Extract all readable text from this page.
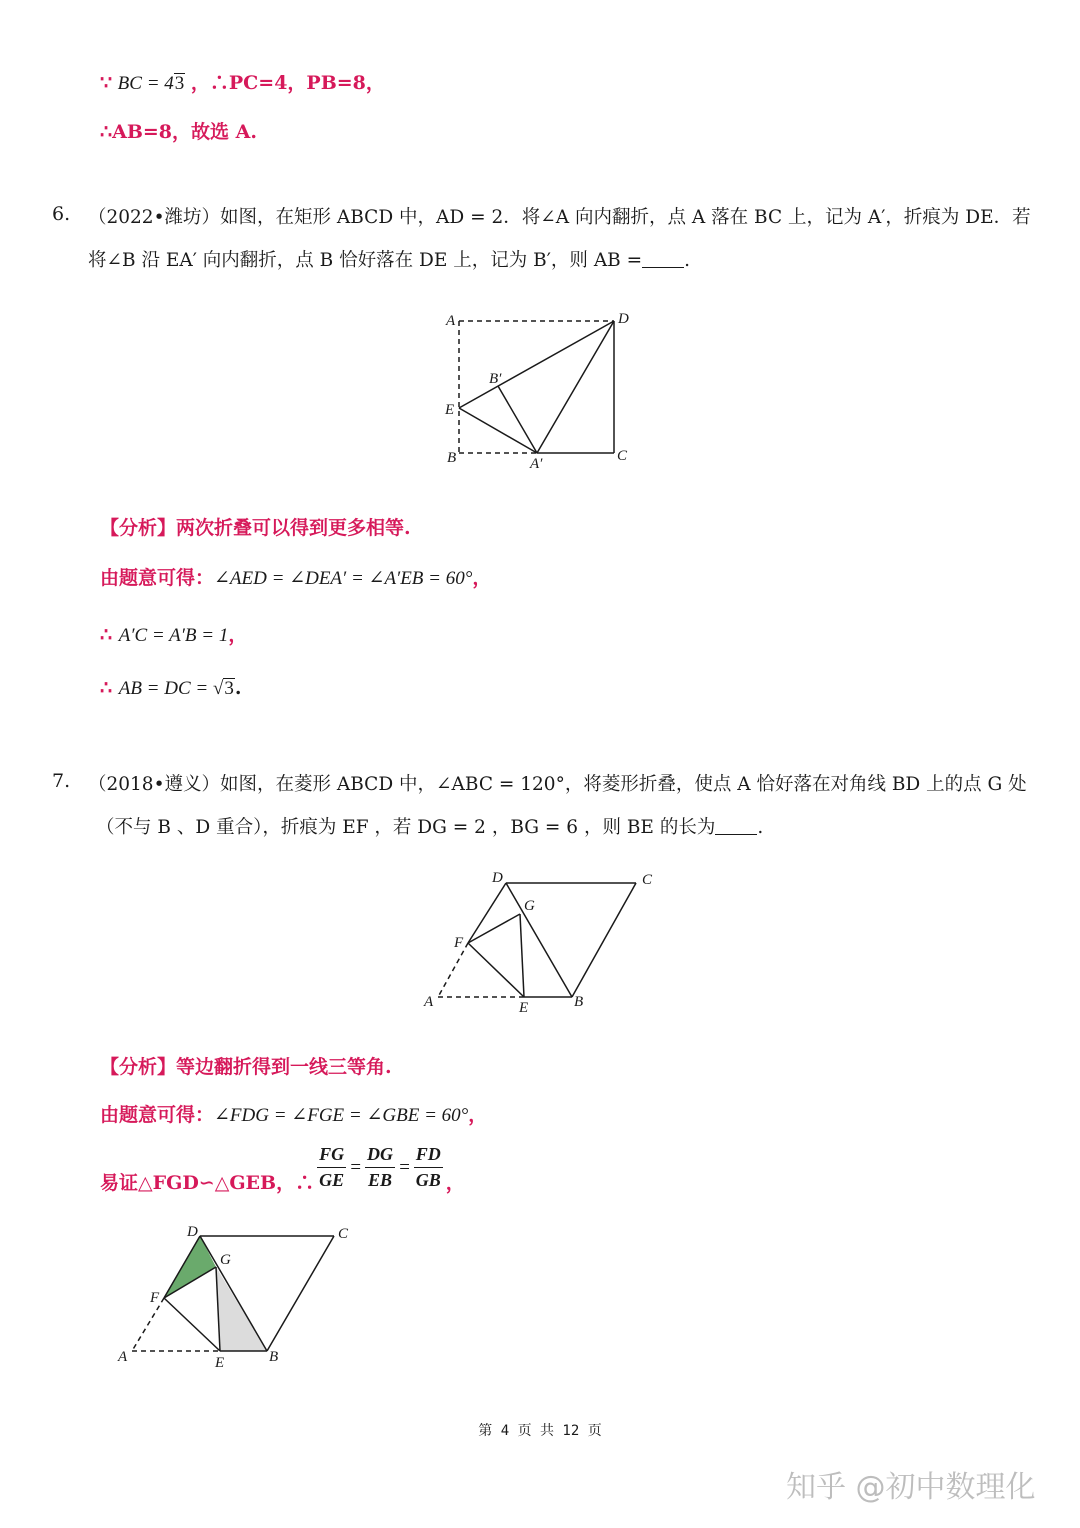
∵ BC = 43 ，∴PC=4，PB=8，
∴AB=8，故选 A.
6. （2022•潍坊）如图，在矩形 ABCD 中，AD = 2．将∠A 向内翻折，点 A 落在 BC 上，记为 A′，折痕为 DE．若
将∠B 沿 EA′ 向内翻折，点 B 恰好落在 DE 上，记为 B′，则 AB = .
A	D
B′
E
B	A′	C
【分析】两次折叠可以得到更多相等.
由题意可得：∠AED = ∠DEA′ = ∠A′EB = 60°，
∴ A′C = A′B = 1，
∴ AB = DC = √3.
7. （2018•遵义）如图，在菱形 ABCD 中，∠ABC = 120°，将菱形折叠，使点 A 恰好落在对角线 BD 上的点 G 处
（不与 B 、D 重合），折痕为 EF ，若 DG = 2 ，BG = 6 ，则 BE 的长为 .
D	C
G
F
A	E	B
【分析】等边翻折得到一线三等角.
由题意可得：∠FDG = ∠FGE = ∠GBE = 60°，
易证△FGD∽△GEB，∴ $\frac{FG}{GE} = \frac{DG}{EB} = \frac{FD}{GB}$ ，
D	C
G
F
A	E	B
第 4 页 共 12 页
知乎 @初中数理化
